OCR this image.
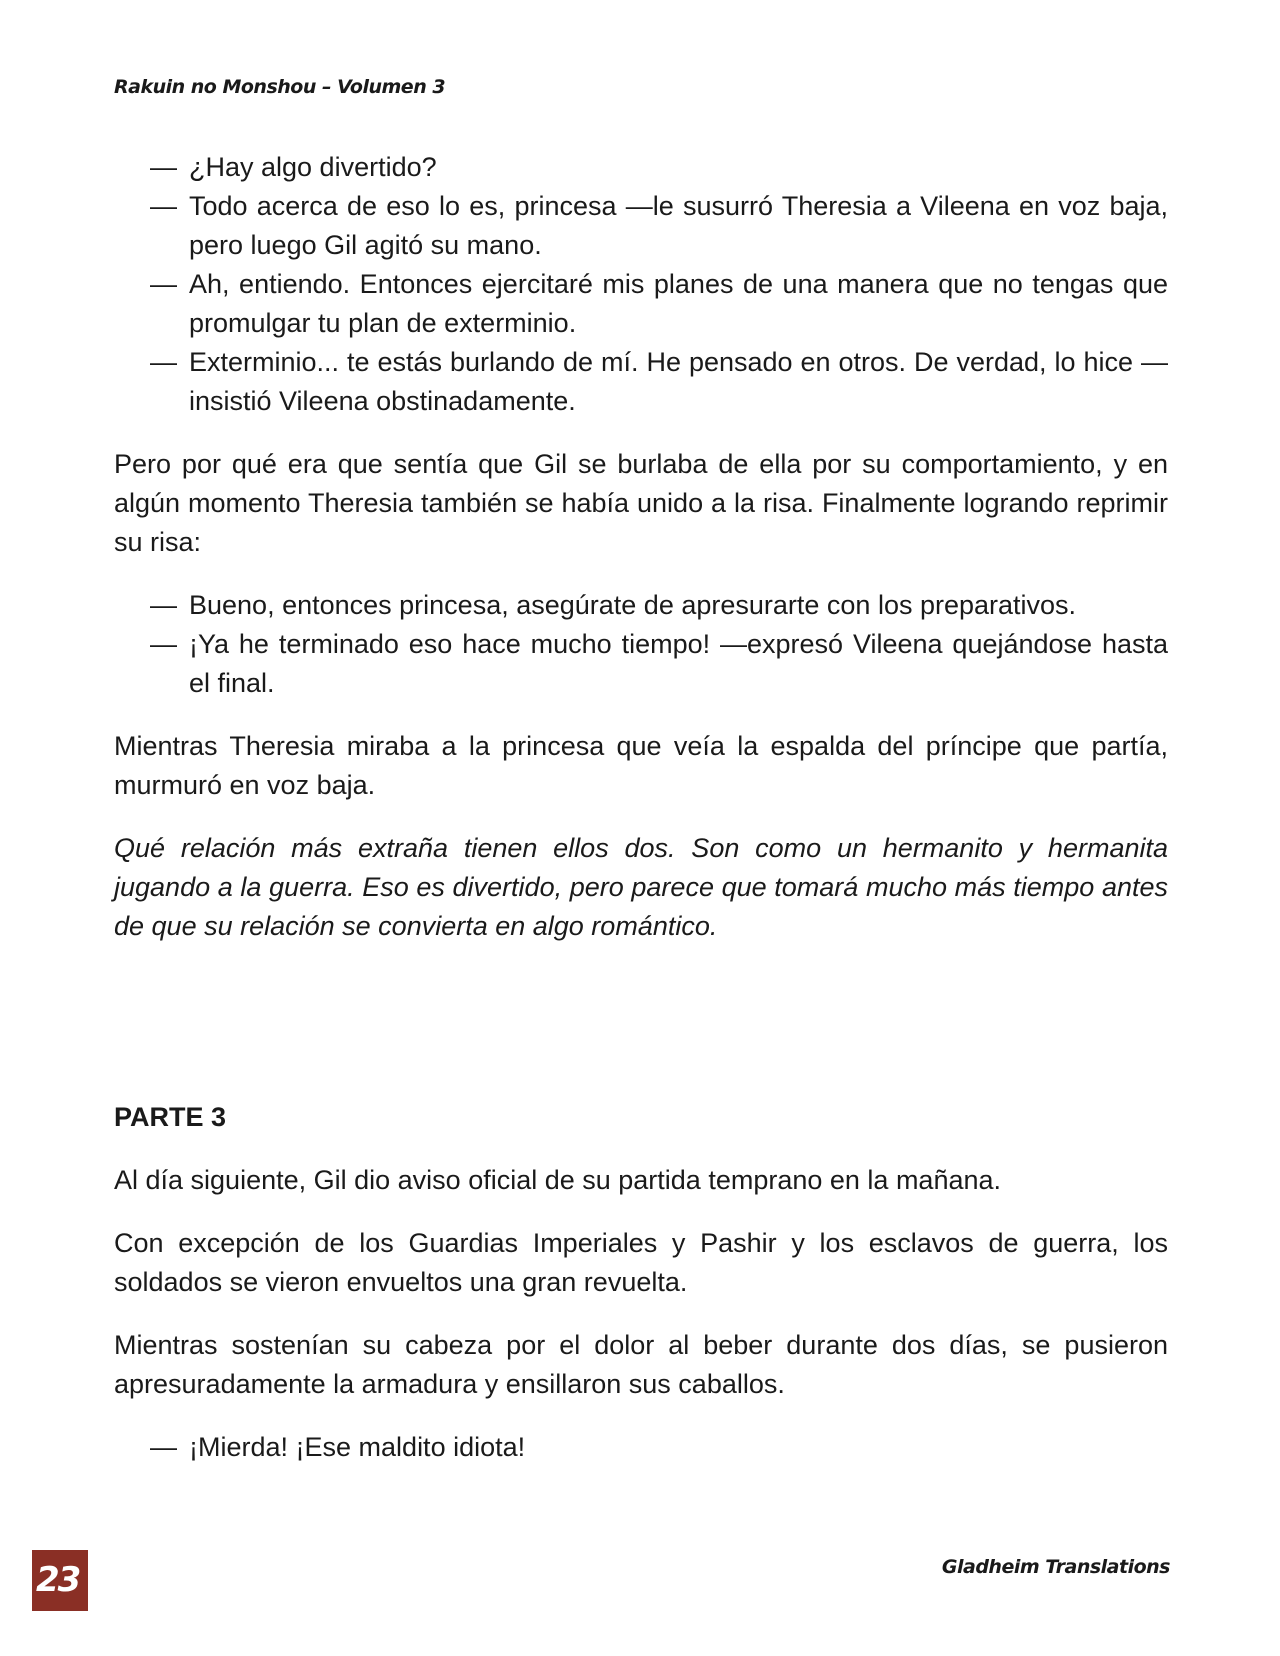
Rakuin no Monshou – Volumen 3

— ¿Hay algo divertido?

— Todo acerca de eso lo es, princesa —le susurró Theresia a Vileena en voz baja, pero luego Gil agitó su mano.

— Ah, entiendo. Entonces ejercitaré mis planes de una manera que no tengas que promulgar tu plan de exterminio.

— Exterminio... te estás burlando de mí. He pensado en otros. De verdad, lo hice —insistió Vileena obstinadamente.

Pero por qué era que sentía que Gil se burlaba de ella por su comportamiento, y en algún momento Theresia también se había unido a la risa. Finalmente logrando reprimir su risa:

— Bueno, entonces princesa, asegúrate de apresurarte con los preparativos.

— ¡Ya he terminado eso hace mucho tiempo! —expresó Vileena quejándose hasta el final.

Mientras Theresia miraba a la princesa que veía la espalda del príncipe que partía, murmuró en voz baja.

Qué relación más extraña tienen ellos dos. Son como un hermanito y hermanita jugando a la guerra. Eso es divertido, pero parece que tomará mucho más tiempo antes de que su relación se convierta en algo romántico.

PARTE 3

Al día siguiente, Gil dio aviso oficial de su partida temprano en la mañana.

Con excepción de los Guardias Imperiales y Pashir y los esclavos de guerra, los soldados se vieron envueltos una gran revuelta.

Mientras sostenían su cabeza por el dolor al beber durante dos días, se pusieron apresuradamente la armadura y ensillaron sus caballos.

— ¡Mierda! ¡Ese maldito idiota!

23	Gladheim Translations
